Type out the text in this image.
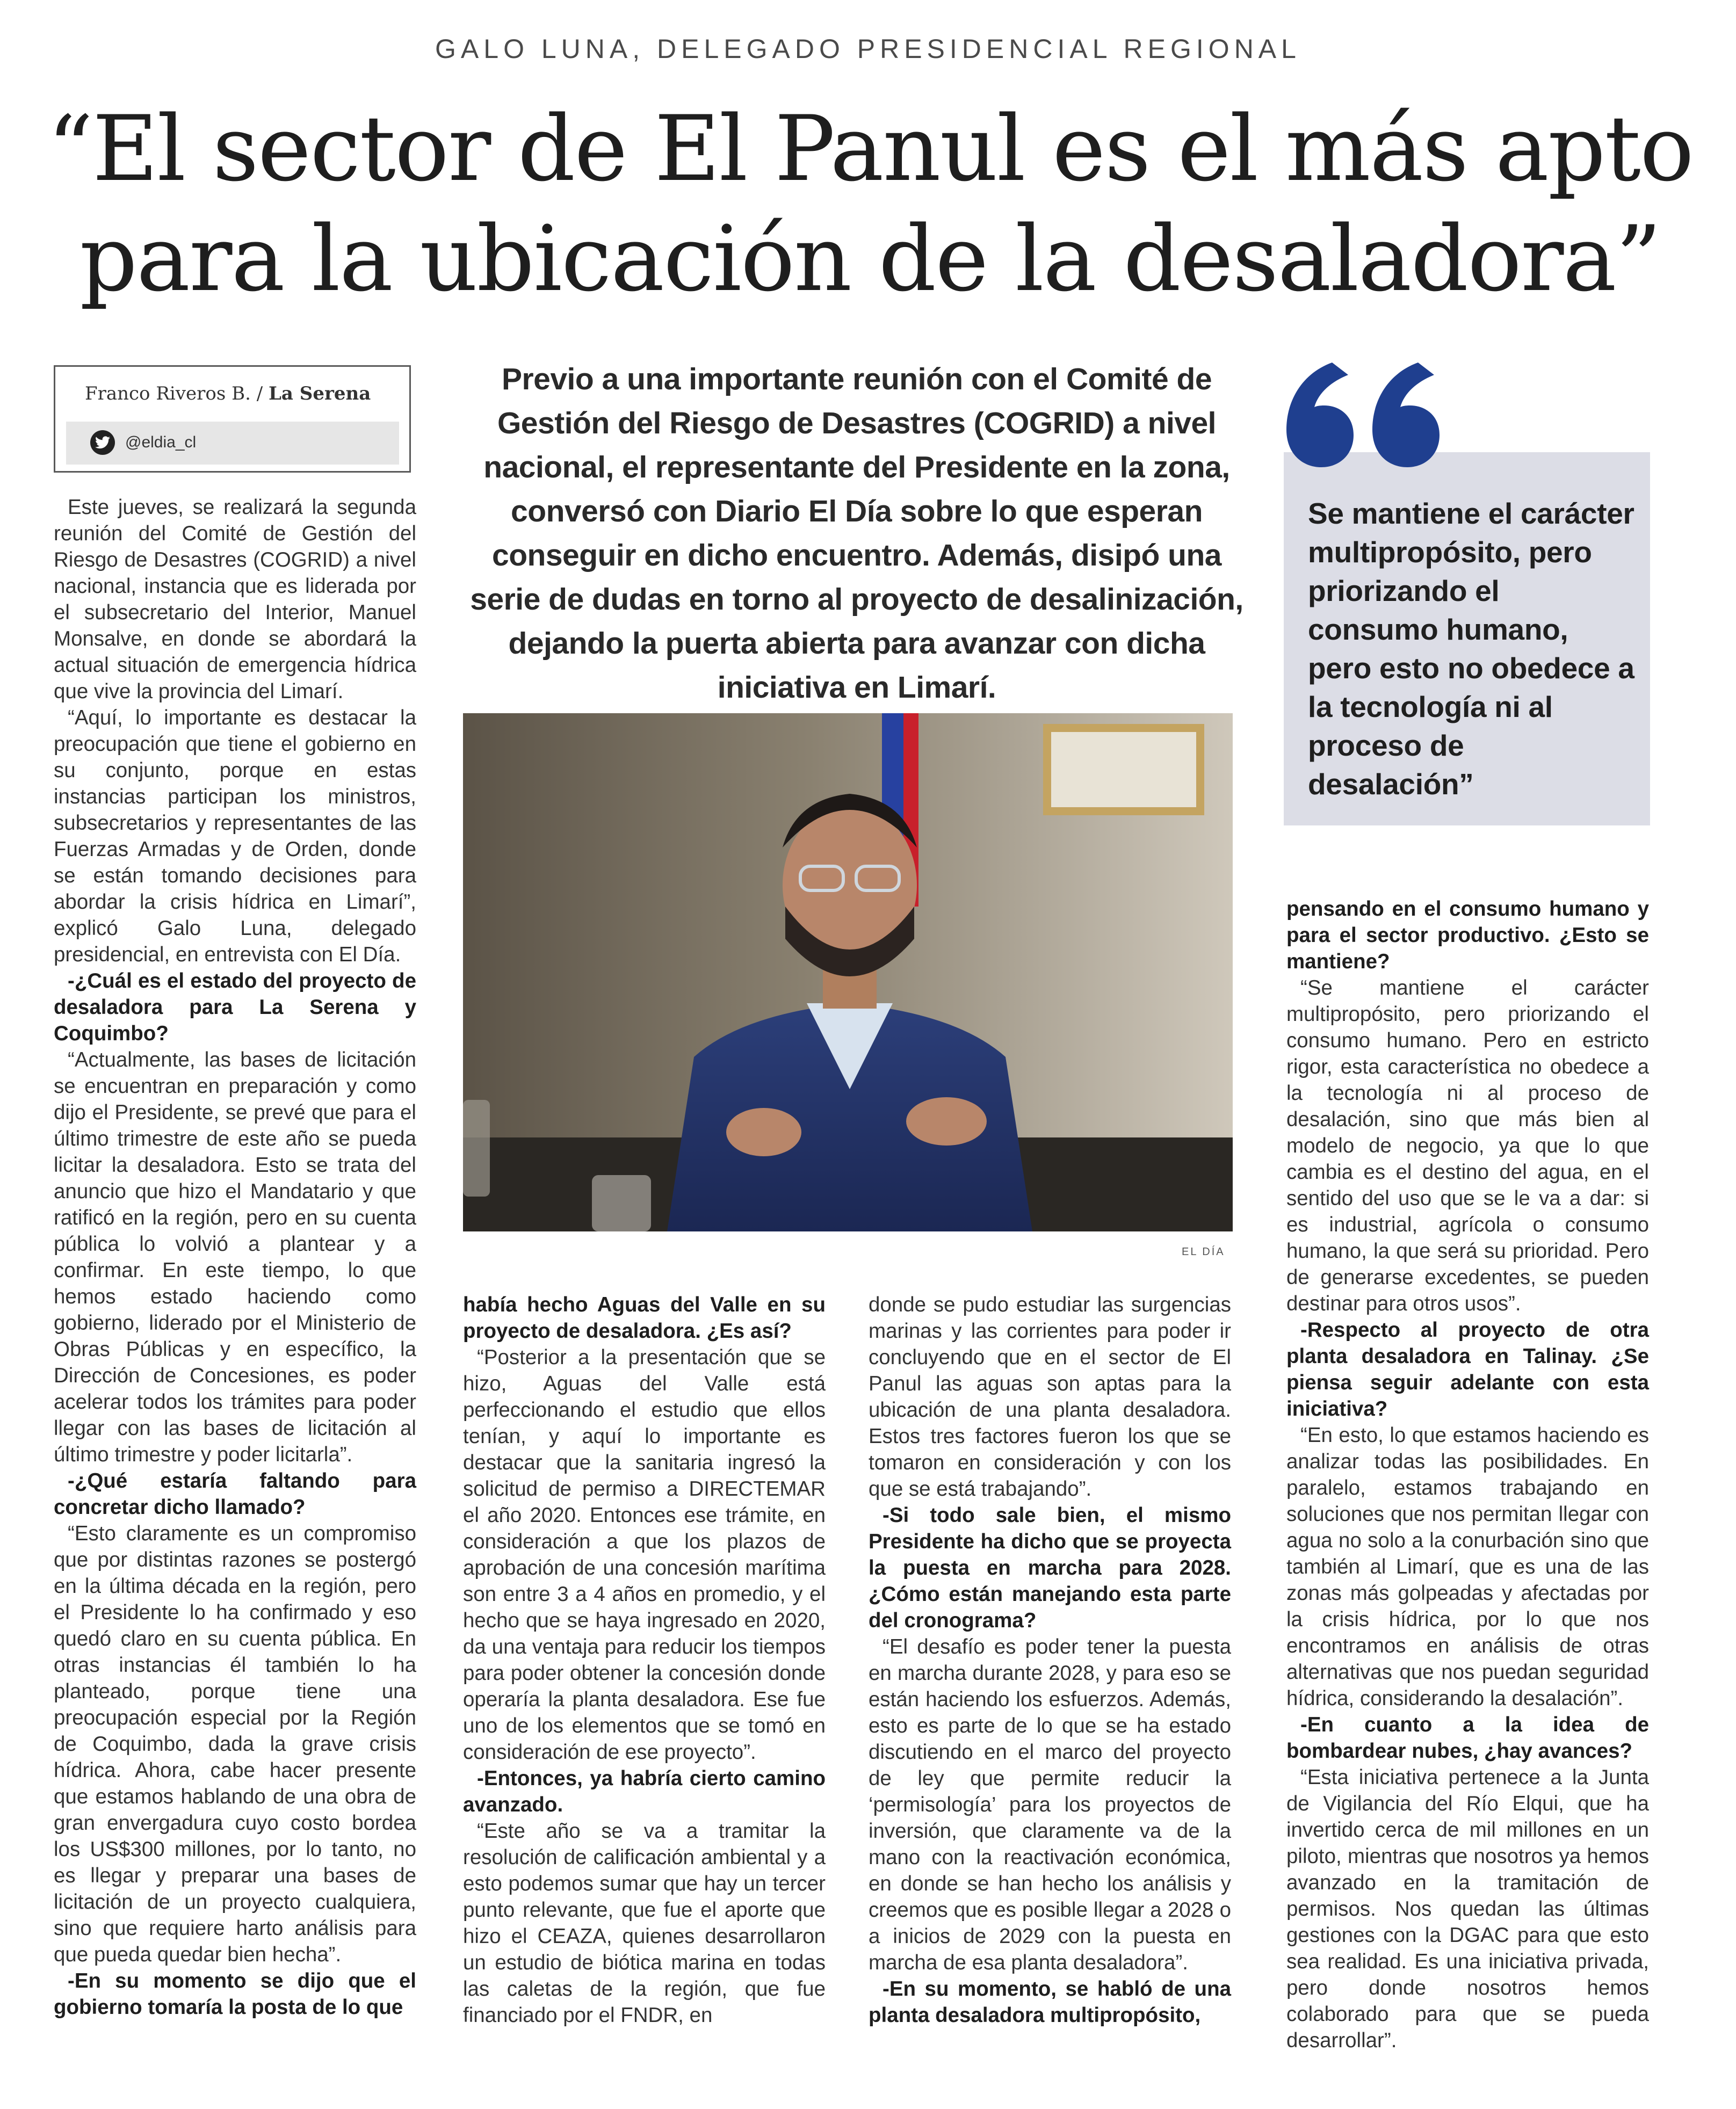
GALO LUNA, DELEGADO PRESIDENCIAL REGIONAL
“El sector de El Panul es el más apto
para la ubicación de la desaladora”
Franco Riveros B. / La Serena
@eldia_cl
Previo a una importante reunión con el Comité de Gestión del Riesgo de Desastres (COGRID) a nivel nacional, el representante del Presidente en la zona, conversó con Diario El Día sobre lo que esperan conseguir en dicho encuentro. Además, disipó una serie de dudas en torno al proyecto de desalinización, dejando la puerta abierta para avanzar con dicha iniciativa en Limarí.
EL DÍA
Se mantiene el carácter multipropósito, pero priorizando el consumo humano, pero esto no obedece a la tecnología ni al proceso de desalación”

Este jueves, se realizará la segunda reunión del Comité de Gestión del Riesgo de Desastres (COGRID) a nivel nacional, instancia que es liderada por el subsecretario del Interior, Manuel Monsalve, en donde se abordará la actual situación de emergencia hídrica que vive la provincia del Limarí.

“Aquí, lo importante es destacar la preocupación que tiene el gobierno en su conjunto, porque en estas instancias participan los ministros, subsecretarios y representantes de las Fuerzas Armadas y de Orden, donde se están tomando decisiones para abordar la crisis hídrica en Limarí”, explicó Galo Luna, delegado presidencial, en entrevista con El Día.

-¿Cuál es el estado del proyecto de desaladora para La Serena y Coquimbo?

“Actualmente, las bases de licitación se encuentran en preparación y como dijo el Presidente, se prevé que para el último trimestre de este año se pueda licitar la desaladora. Esto se trata del anuncio que hizo el Mandatario y que ratificó en la región, pero en su cuenta pública lo volvió a plantear y a confirmar. En este tiempo, lo que hemos estado haciendo como gobierno, liderado por el Ministerio de Obras Públicas y en específico, la Dirección de Concesiones, es poder acelerar todos los trámites para poder llegar con las bases de licitación al último trimestre y poder licitarla”.

-¿Qué estaría faltando para concretar dicho llamado?

“Esto claramente es un compromiso que por distintas razones se postergó en la última década en la región, pero el Presidente lo ha confirmado y eso quedó claro en su cuenta pública. En otras instancias él también lo ha planteado, porque tiene una preocupación especial por la Región de Coquimbo, dada la grave crisis hídrica. Ahora, cabe hacer presente que estamos hablando de una obra de gran envergadura cuyo costo bordea los US$300 millones, por lo tanto, no es llegar y preparar una bases de licitación de un proyecto cualquiera, sino que requiere harto análisis para que pueda quedar bien hecha”.

-En su momento se dijo que el gobierno tomaría la posta de lo que

había hecho Aguas del Valle en su proyecto de desaladora. ¿Es así?

“Posterior a la presentación que se hizo, Aguas del Valle está perfeccionando el estudio que ellos tenían, y aquí lo importante es destacar que la sanitaria ingresó la solicitud de permiso a DIRECTEMAR el año 2020. Entonces ese trámite, en consideración a que los plazos de aprobación de una concesión marítima son entre 3 a 4 años en promedio, y el hecho que se haya ingresado en 2020, da una ventaja para reducir los tiempos para poder obtener la concesión donde operaría la planta desaladora. Ese fue uno de los elementos que se tomó en consideración de ese proyecto”.

-Entonces, ya habría cierto camino avanzado.

“Este año se va a tramitar la resolución de calificación ambiental y a esto podemos sumar que hay un tercer punto relevante, que fue el aporte que hizo el CEAZA, quienes desarrollaron un estudio de biótica marina en todas las caletas de la región, que fue financiado por el FNDR, en

donde se pudo estudiar las surgencias marinas y las corrientes para poder ir concluyendo que en el sector de El Panul las aguas son aptas para la ubicación de una planta desaladora. Estos tres factores fueron los que se tomaron en consideración y con los que se está trabajando”.

-Si todo sale bien, el mismo Presidente ha dicho que se proyecta la puesta en marcha para 2028. ¿Cómo están manejando esta parte del cronograma?

“El desafío es poder tener la puesta en marcha durante 2028, y para eso se están haciendo los esfuerzos. Además, esto es parte de lo que se ha estado discutiendo en el marco del proyecto de ley que permite reducir la ‘permisología’ para los proyectos de inversión, que claramente va de la mano con la reactivación económica, en donde se han hecho los análisis y creemos que es posible llegar a 2028 o a inicios de 2029 con la puesta en marcha de esa planta desaladora”.

-En su momento, se habló de una planta desaladora multipropósito,

pensando en el consumo humano y para el sector productivo. ¿Esto se mantiene?

“Se mantiene el carácter multipropósito, pero priorizando el consumo humano. Pero en estricto rigor, esta característica no obedece a la tecnología ni al proceso de desalación, sino que más bien al modelo de negocio, ya que lo que cambia es el destino del agua, en el sentido del uso que se le va a dar: si es industrial, agrícola o consumo humano, la que será su prioridad. Pero de generarse excedentes, se pueden destinar para otros usos”.

-Respecto al proyecto de otra planta desaladora en Talinay. ¿Se piensa seguir adelante con esta iniciativa?

“En esto, lo que estamos haciendo es analizar todas las posibilidades. En paralelo, estamos trabajando en soluciones que nos permitan llegar con agua no solo a la conurbación sino que también al Limarí, que es una de las zonas más golpeadas y afectadas por la crisis hídrica, por lo que nos encontramos en análisis de otras alternativas que nos puedan seguridad hídrica, considerando la desalación”.

-En cuanto a la idea de bombardear nubes, ¿hay avances?

“Esta iniciativa pertenece a la Junta de Vigilancia del Río Elqui, que ha invertido cerca de mil millones en un piloto, mientras que nosotros ya hemos avanzado en la tramitación de permisos. Nos quedan las últimas gestiones con la DGAC para que esto sea realidad. Es una iniciativa privada, pero donde nosotros hemos colaborado para que se pueda desarrollar”.
